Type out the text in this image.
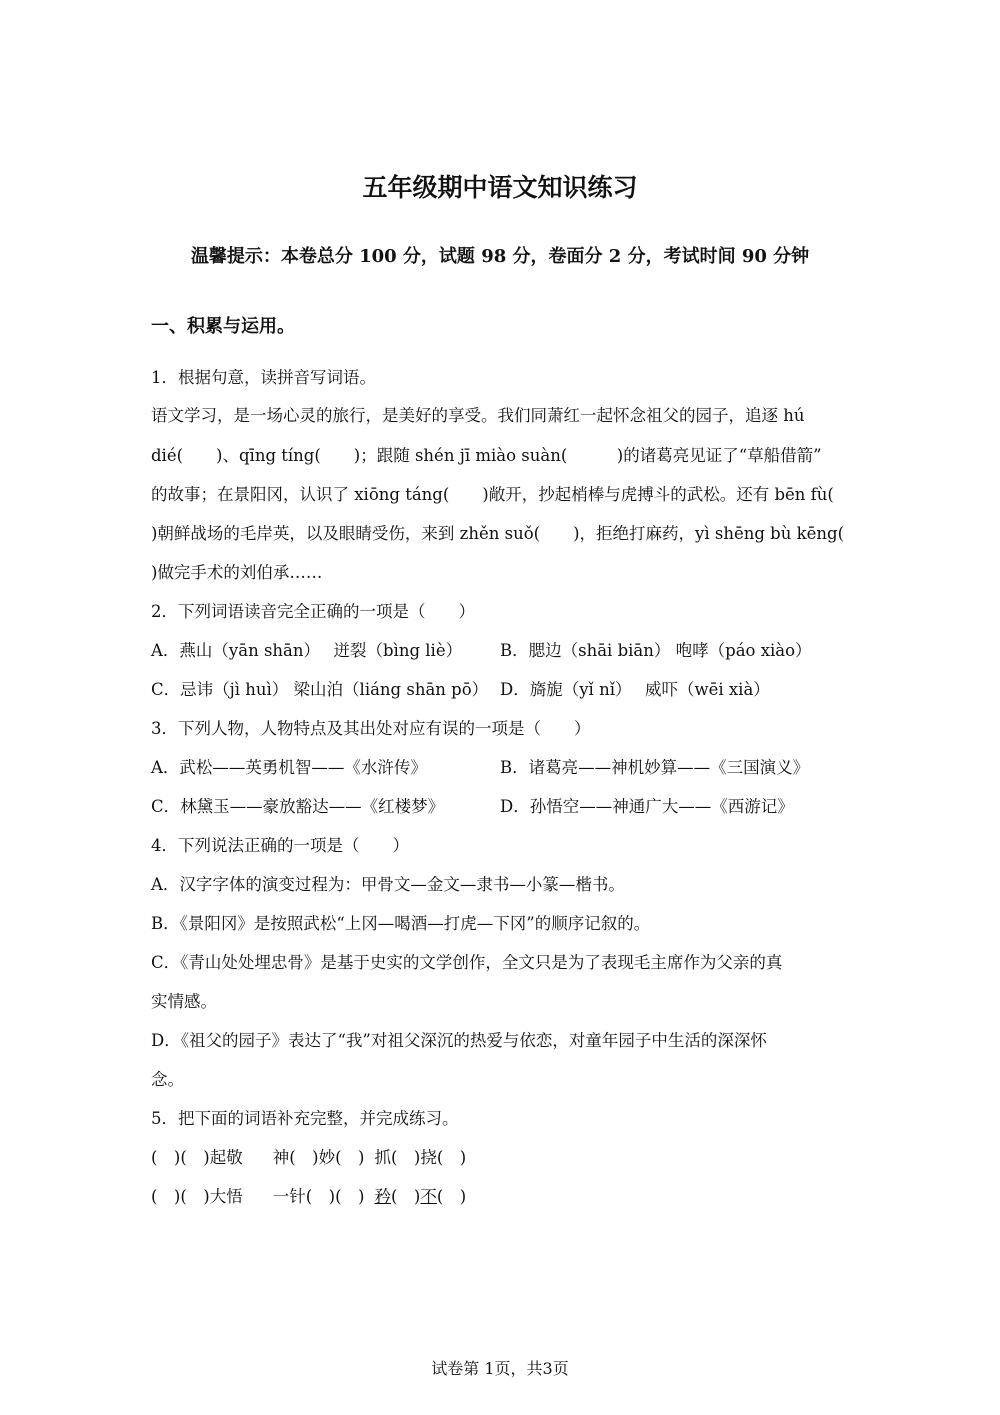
五年级期中语文知识练习
温馨提示：本卷总分 100 分，试题 98 分，卷面分 2 分，考试时间 90 分钟
一、积累与运用。
1．根据句意，读拼音写词语。
语文学习，是一场心灵的旅行，是美好的享受。我们同萧红一起怀念祖父的园子，追逐 hú
dié(　　)、qīng tíng(　　)；跟随 shén jī miào suàn(　　　)的诸葛亮见证了“草船借箭”
的故事；在景阳冈，认识了 xiōng táng(　　)敞开，抄起梢棒与虎搏斗的武松。还有 bēn fù(
)朝鲜战场的毛岸英，以及眼睛受伤，来到 zhěn suǒ(　　)，拒绝打麻药，yì shēng bù kēng(
)做完手术的刘伯承……
2．下列词语读音完全正确的一项是（　　）
A．燕山（yān shān）　 迸裂（bìng liè）	B．腮边（shāi biān） 咆哮（páo xiào）
C．忌讳（jì huì） 梁山泊（liáng shān pō） D．旖旎（yǐ nǐ）　 威吓（wēi xià）
3．下列人物，人物特点及其出处对应有误的一项是（　　）
A．武松——英勇机智——《水浒传》	B．诸葛亮——神机妙算——《三国演义》
C．林黛玉——豪放豁达——《红楼梦》	D．孙悟空——神通广大——《西游记》
4．下列说法正确的一项是（　　）
A．汉字字体的演变过程为：甲骨文—金文—隶书—小篆—楷书。
B．《景阳冈》是按照武松“上冈—喝酒—打虎—下冈”的顺序记叙的。
C．《青山处处埋忠骨》是基于史实的文学创作，全文只是为了表现毛主席作为父亲的真
实情感。
D．《祖父的园子》表达了“我”对祖父深沉的热爱与依恋，对童年园子中生活的深深怀
念。
5．把下面的词语补充完整，并完成练习。
(　)(　)起敬 神(　)妙(　) 抓(　)挠(　)
(　)(　)大悟 一针(　)(　) 矜(　)不(　)
试卷第 1页，共3页
